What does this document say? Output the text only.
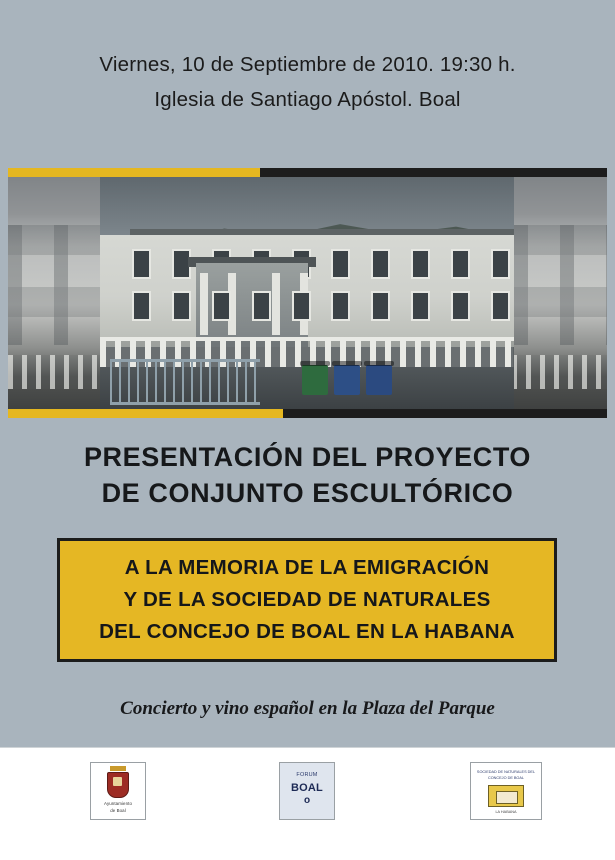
Viernes, 10 de Septiembre de 2010. 19:30 h.
Iglesia de Santiago Apóstol. Boal
PRESENTACIÓN DEL PROYECTO
DE CONJUNTO ESCULTÓRICO
A LA MEMORIA DE LA EMIGRACIÓN
Y DE LA SOCIEDAD DE NATURALES
DEL CONCEJO DE BOAL EN LA HABANA
Concierto y vino español en la Plaza del Parque
Ayuntamiento
de Boal
FORUM
BOAL
o
SOCIEDAD DE NATURALES DEL CONCEJO DE BOAL
LA HABANA
